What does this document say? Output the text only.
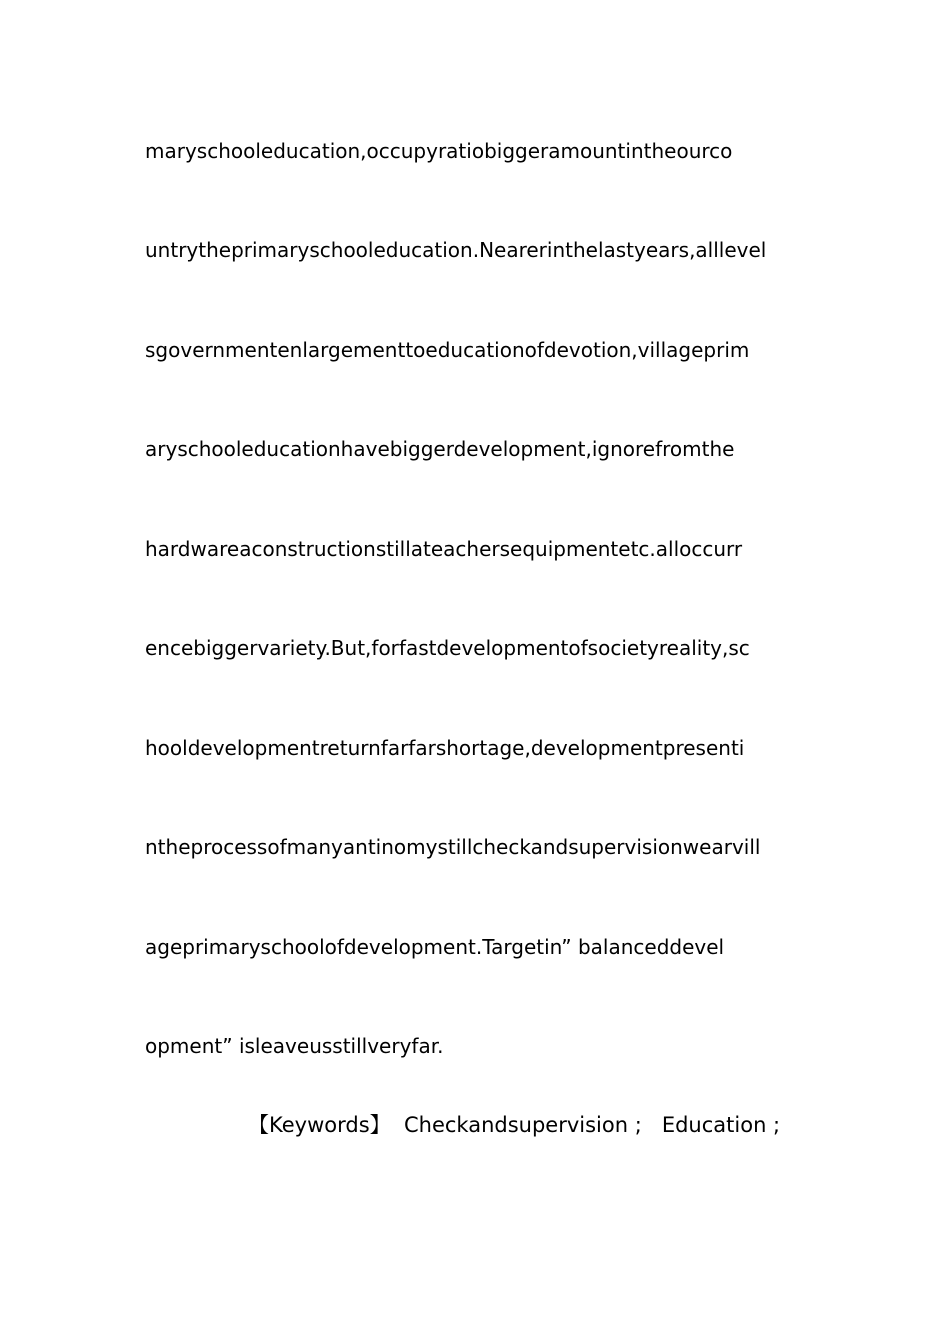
maryschooleducation,occupyratiobiggeramountintheourco
untrytheprimaryschooleducation.Nearerinthelastyears,alllevel
sgovernmentenlargementtoeducationofdevotion,villageprim
aryschooleducationhavebiggerdevelopment,ignorefromthe
hardwareaconstructionstillateachersequipmentetc.alloccurr
encebiggervariety.But,forfastdevelopmentofsocietyreality,sc
hooldevelopmentreturnfarfarshortage,developmentpresenti
ntheprocessofmanyantinomystillcheckandsupervisionwearvill
ageprimaryschoolofdevelopment.Targetin” balanceddevel
opment” isleaveusstillveryfar.
【Keywords】  Checkandsupervision ;   Education ;
